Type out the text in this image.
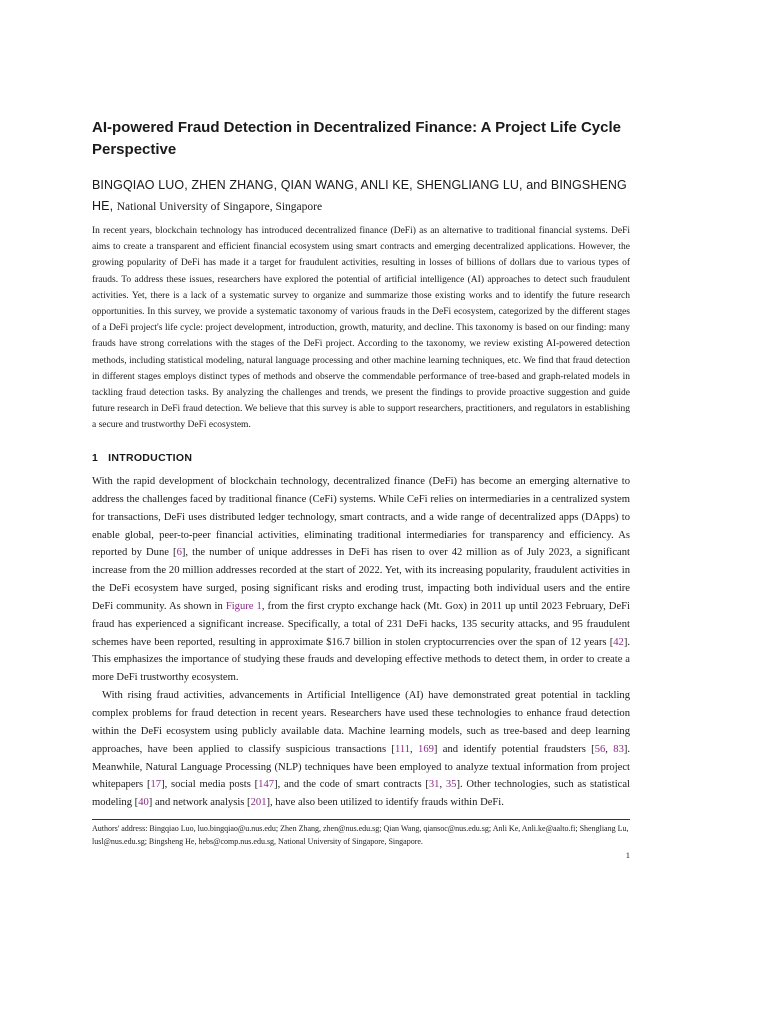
AI-powered Fraud Detection in Decentralized Finance: A Project Life Cycle Perspective
BINGQIAO LUO, ZHEN ZHANG, QIAN WANG, ANLI KE, SHENGLIANG LU, and BINGSHENG HE, National University of Singapore, Singapore

In recent years, blockchain technology has introduced decentralized finance (DeFi) as an alternative to traditional financial systems. DeFi aims to create a transparent and efficient financial ecosystem using smart contracts and emerging decentralized applications. However, the growing popularity of DeFi has made it a target for fraudulent activities, resulting in losses of billions of dollars due to various types of frauds. To address these issues, researchers have explored the potential of artificial intelligence (AI) approaches to detect such fraudulent activities. Yet, there is a lack of a systematic survey to organize and summarize those existing works and to identify the future research opportunities. In this survey, we provide a systematic taxonomy of various frauds in the DeFi ecosystem, categorized by the different stages of a DeFi project's life cycle: project development, introduction, growth, maturity, and decline. This taxonomy is based on our finding: many frauds have strong correlations with the stages of the DeFi project. According to the taxonomy, we review existing AI-powered detection methods, including statistical modeling, natural language processing and other machine learning techniques, etc. We find that fraud detection in different stages employs distinct types of methods and observe the commendable performance of tree-based and graph-related models in tackling fraud detection tasks. By analyzing the challenges and trends, we present the findings to provide proactive suggestion and guide future research in DeFi fraud detection. We believe that this survey is able to support researchers, practitioners, and regulators in establishing a secure and trustworthy DeFi ecosystem.

1 INTRODUCTION

With the rapid development of blockchain technology, decentralized finance (DeFi) has become an emerging alternative to address the challenges faced by traditional finance (CeFi) systems. While CeFi relies on intermediaries in a centralized system for transactions, DeFi uses distributed ledger technology, smart contracts, and a wide range of decentralized apps (DApps) to enable global, peer-to-peer financial activities, eliminating traditional intermediaries for transparency and efficiency. As reported by Dune [6], the number of unique addresses in DeFi has risen to over 42 million as of July 2023, a significant increase from the 20 million addresses recorded at the start of 2022. Yet, with its increasing popularity, fraudulent activities in the DeFi ecosystem have surged, posing significant risks and eroding trust, impacting both individual users and the entire DeFi community. As shown in Figure 1, from the first crypto exchange hack (Mt. Gox) in 2011 up until 2023 February, DeFi fraud has experienced a significant increase. Specifically, a total of 231 DeFi hacks, 135 security attacks, and 95 fraudulent schemes have been reported, resulting in approximate $16.7 billion in stolen cryptocurrencies over the span of 12 years [42]. This emphasizes the importance of studying these frauds and developing effective methods to detect them, in order to create a more DeFi trustworthy ecosystem.

With rising fraud activities, advancements in Artificial Intelligence (AI) have demonstrated great potential in tackling complex problems for fraud detection in recent years. Researchers have used these technologies to enhance fraud detection within the DeFi ecosystem using publicly available data. Machine learning models, such as tree-based and deep learning approaches, have been applied to classify suspicious transactions [111, 169] and identify potential fraudsters [56, 83]. Meanwhile, Natural Language Processing (NLP) techniques have been employed to analyze textual information from project whitepapers [17], social media posts [147], and the code of smart contracts [31, 35]. Other technologies, such as statistical modeling [40] and network analysis [201], have also been utilized to identify frauds within DeFi.

Authors' address: Bingqiao Luo, luo.bingqiao@u.nus.edu; Zhen Zhang, zhen@nus.edu.sg; Qian Wang, qiansoc@nus.edu.sg; Anli Ke, Anli.ke@aalto.fi; Shengliang Lu, lusl@nus.edu.sg; Bingsheng He, hebs@comp.nus.edu.sg, National University of Singapore, Singapore.

1
